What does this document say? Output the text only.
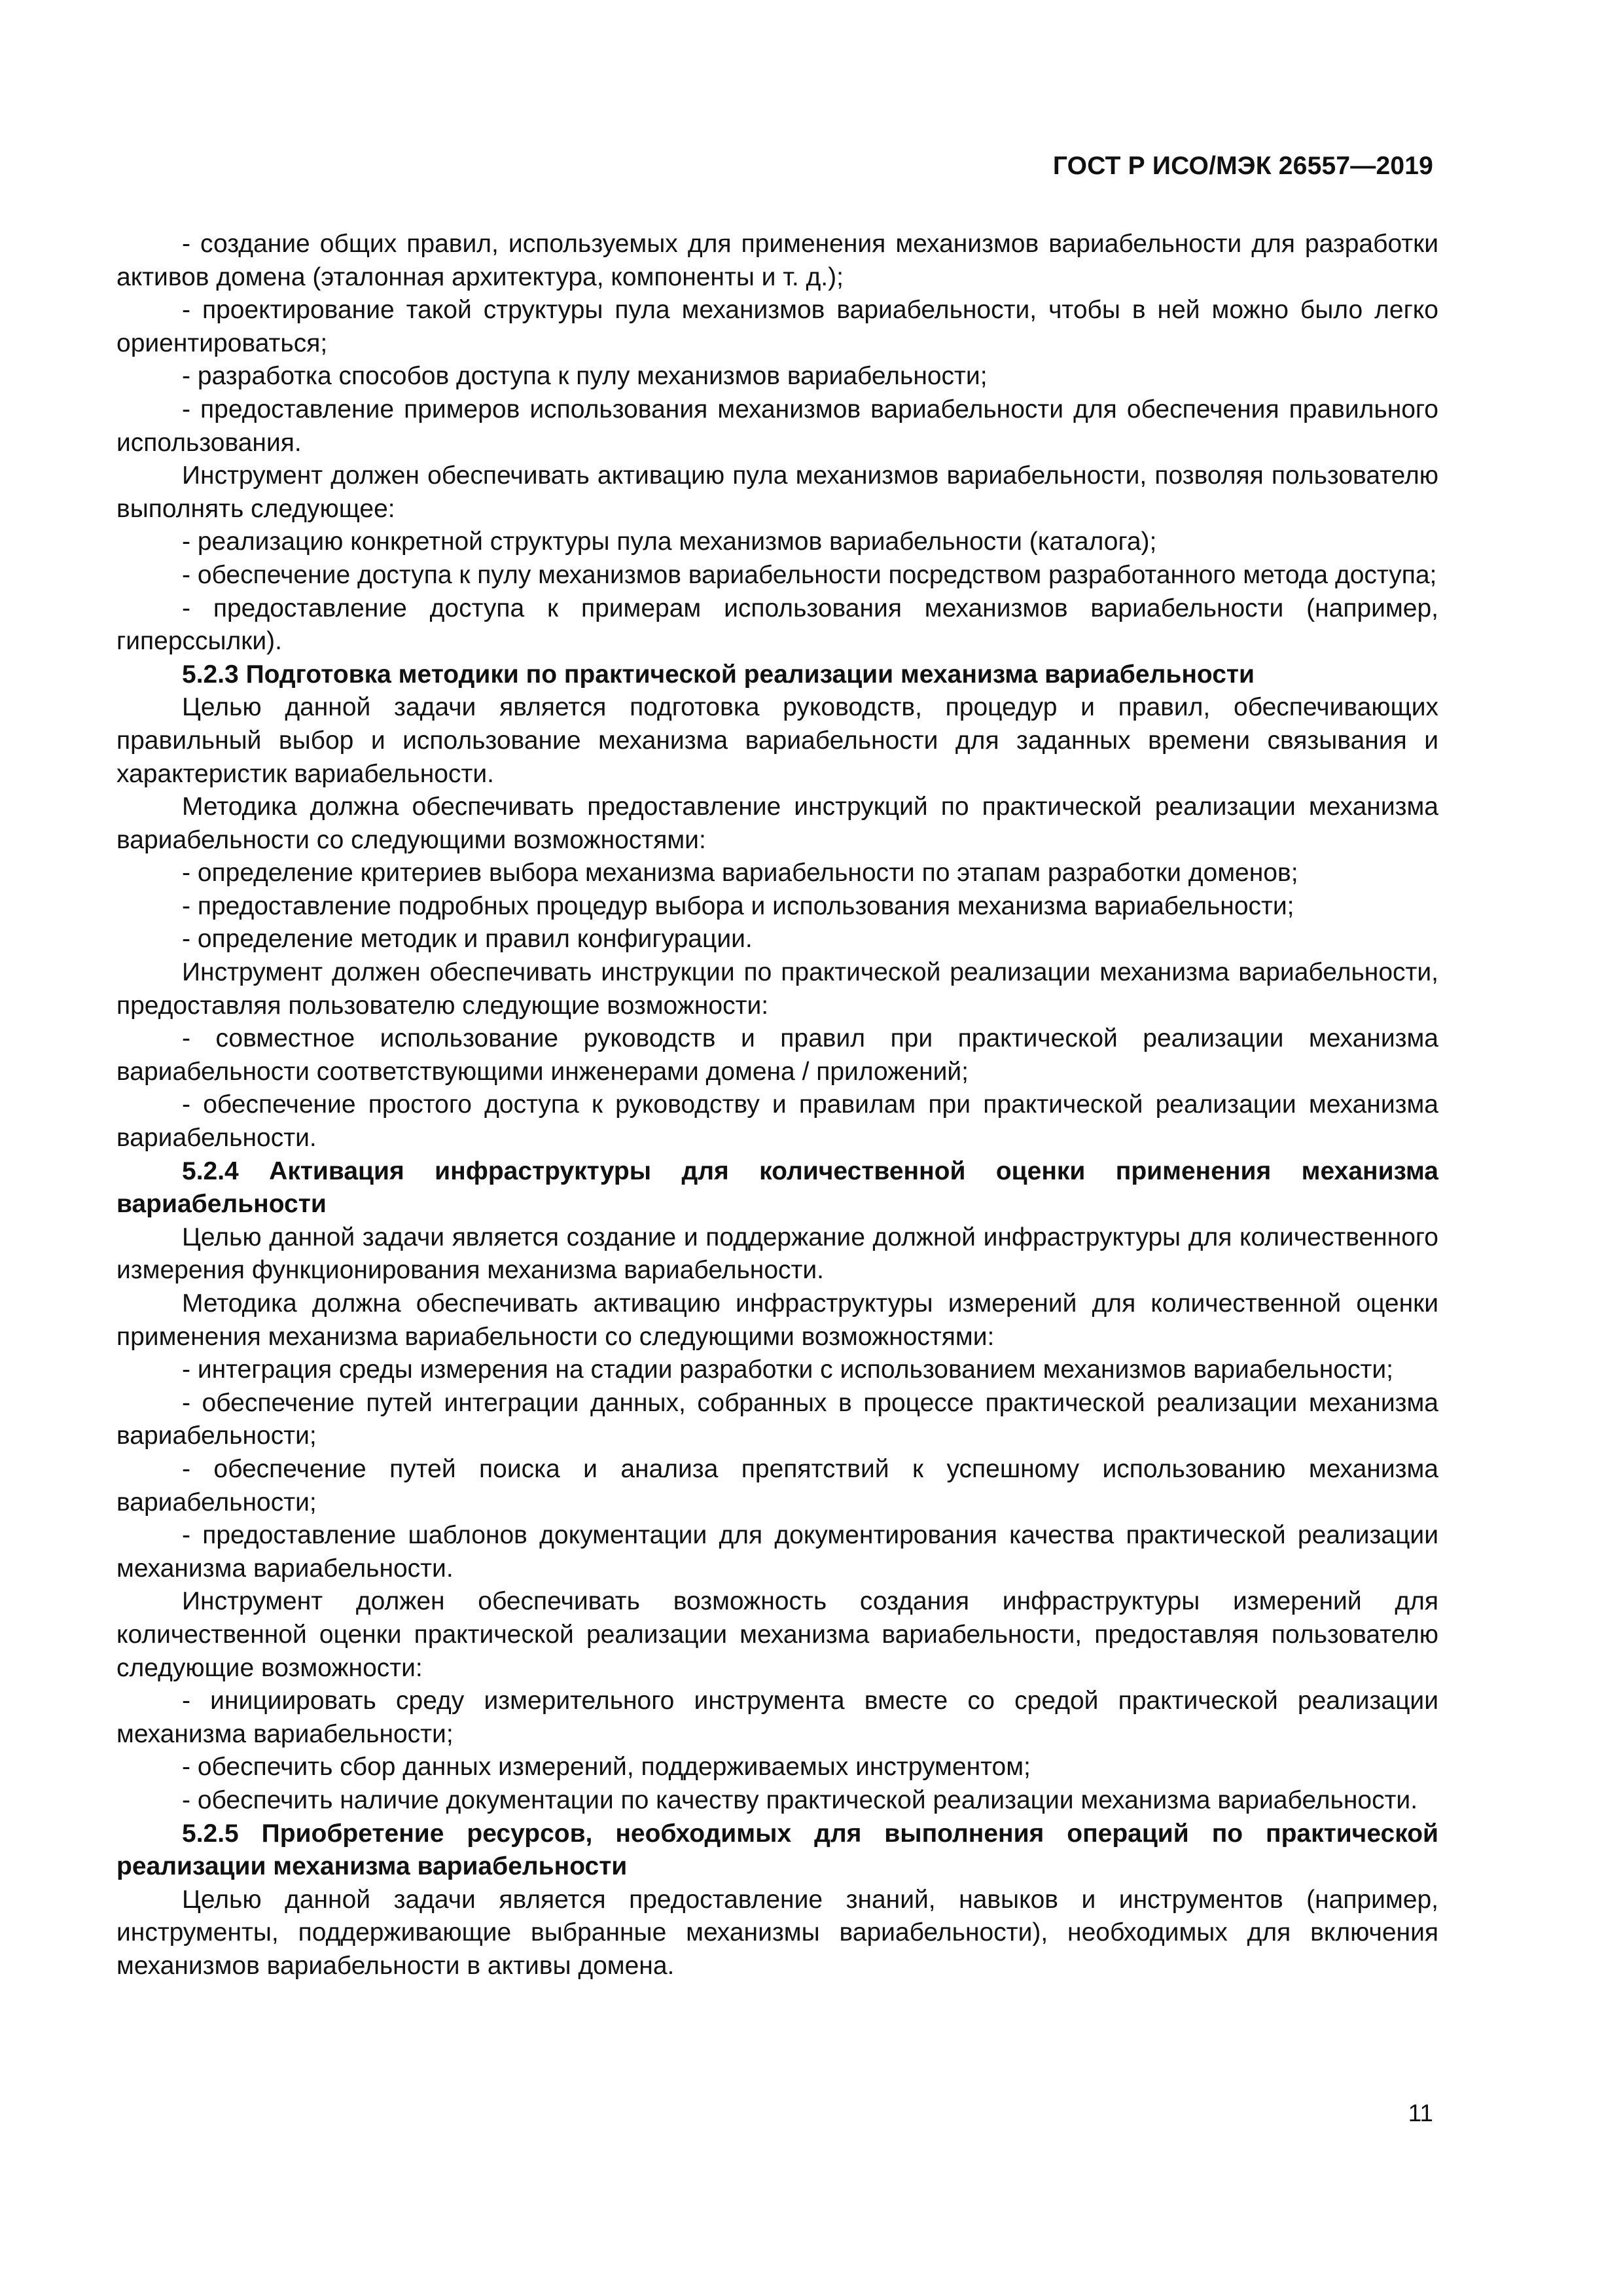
ГОСТ Р ИСО/МЭК 26557—2019

- создание общих правил, используемых для применения механизмов вариабельности для разработки активов домена (эталонная архитектура, компоненты и т. д.);

- проектирование такой структуры пула механизмов вариабельности, чтобы в ней можно было легко ориентироваться;

- разработка способов доступа к пулу механизмов вариабельности;

- предоставление примеров использования механизмов вариабельности для обеспечения правильного использования.

Инструмент должен обеспечивать активацию пула механизмов вариабельности, позволяя пользователю выполнять следующее:

- реализацию конкретной структуры пула механизмов вариабельности (каталога);

- обеспечение доступа к пулу механизмов вариабельности посредством разработанного метода доступа;

- предоставление доступа к примерам использования механизмов вариабельности (например, гиперссылки).

5.2.3 Подготовка методики по практической реализации механизма вариабельности

Целью данной задачи является подготовка руководств, процедур и правил, обеспечивающих правильный выбор и использование механизма вариабельности для заданных времени связывания и характеристик вариабельности.

Методика должна обеспечивать предоставление инструкций по практической реализации механизма вариабельности со следующими возможностями:

- определение критериев выбора механизма вариабельности по этапам разработки доменов;

- предоставление подробных процедур выбора и использования механизма вариабельности;

- определение методик и правил конфигурации.

Инструмент должен обеспечивать инструкции по практической реализации механизма вариабельности, предоставляя пользователю следующие возможности:

- совместное использование руководств и правил при практической реализации механизма вариабельности соответствующими инженерами домена / приложений;

- обеспечение простого доступа к руководству и правилам при практической реализации механизма вариабельности.

5.2.4 Активация инфраструктуры для количественной оценки применения механизма вариабельности

Целью данной задачи является создание и поддержание должной инфраструктуры для количественного измерения функционирования механизма вариабельности.

Методика должна обеспечивать активацию инфраструктуры измерений для количественной оценки применения механизма вариабельности со следующими возможностями:

- интеграция среды измерения на стадии разработки с использованием механизмов вариабельности;

- обеспечение путей интеграции данных, собранных в процессе практической реализации механизма вариабельности;

- обеспечение путей поиска и анализа препятствий к успешному использованию механизма вариабельности;

- предоставление шаблонов документации для документирования качества практической реализации механизма вариабельности.

Инструмент должен обеспечивать возможность создания инфраструктуры измерений для количественной оценки практической реализации механизма вариабельности, предоставляя пользователю следующие возможности:

- инициировать среду измерительного инструмента вместе со средой практической реализации механизма вариабельности;

- обеспечить сбор данных измерений, поддерживаемых инструментом;

- обеспечить наличие документации по качеству практической реализации механизма вариабельности.

5.2.5 Приобретение ресурсов, необходимых для выполнения операций по практической реализации механизма вариабельности

Целью данной задачи является предоставление знаний, навыков и инструментов (например, инструменты, поддерживающие выбранные механизмы вариабельности), необходимых для включения механизмов вариабельности в активы домена.

11
